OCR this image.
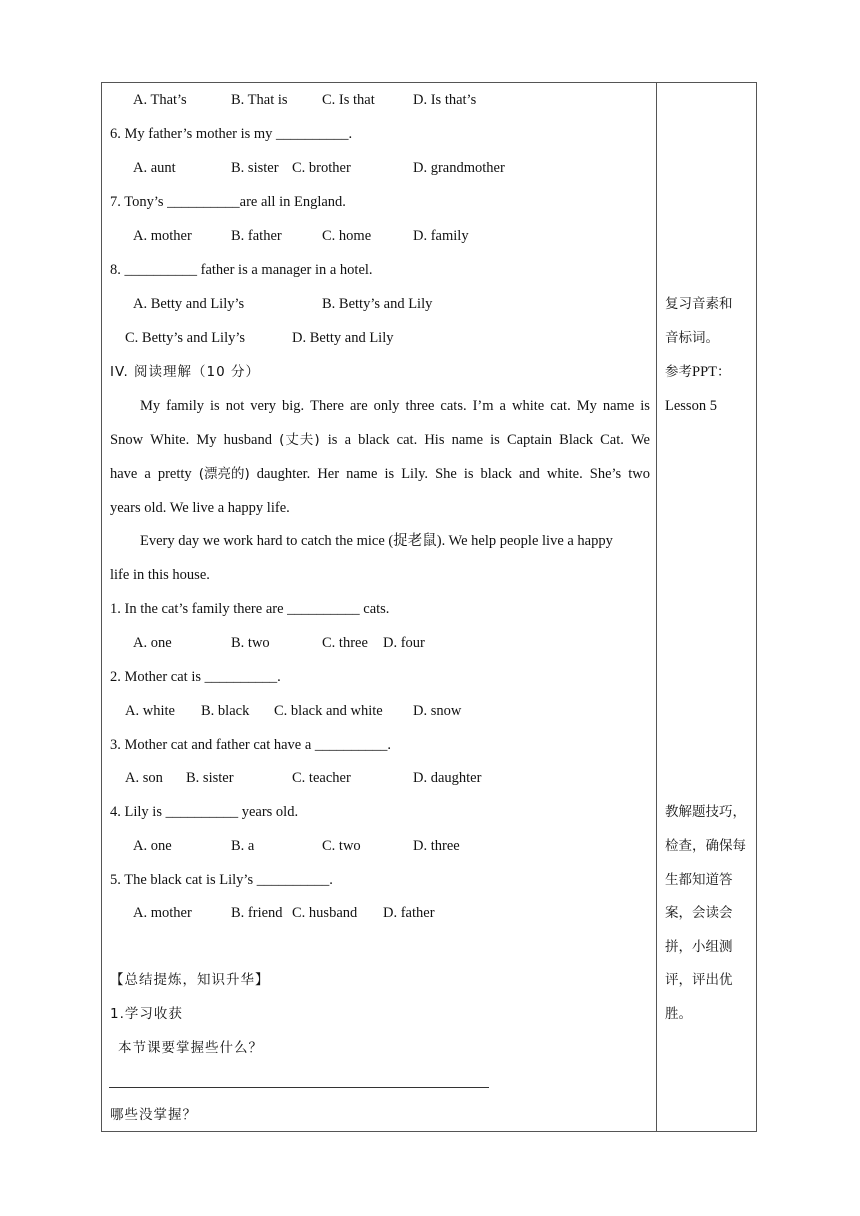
A. That’s	B. That is C. Is that	D. Is that’s
6. My father’s mother is my __________.
A. aunt	B. sister C. brother	D. grandmother
7. Tony’s __________are all in England.
A. mother	B. father	C. home	D. family
8. __________ father is a manager in a hotel.
A. Betty and Lily’s	B. Betty’s and Lily
C. Betty’s and Lily’s	D. Betty and Lily
IV. 阅读理解（10 分）
My family is not very big. There are only three cats. I’m a white cat. My name is
Snow White. My husband (丈夫) is a black cat. His name is Captain Black Cat. We
have a pretty (漂亮的) daughter. Her name is Lily. She is black and white. She’s two
years old. We live a happy life.
Every day we work hard to catch the mice (捉老鼠). We help people live a happy
life in this house.
1. In the cat’s family there are __________ cats.
A. one	B. two	C. three D. four
2. Mother cat is __________.
A. white B. black C. black and white D. snow
3. Mother cat and father cat have a __________.
A. son B. sister	C. teacher	D. daughter
4. Lily is __________ years old.
A. one	B. a	C. two	D. three
5. The black cat is Lily’s __________.
A. mother	B. friend C. husband D. father
【总结提炼，知识升华】
1.学习收获
本节课要掌握些什么？
哪些没掌握？
复习音素和
音标词。
参考PPT：
Lesson 5
教解题技巧，
检查，确保每
生都知道答
案，会读会
拼，小组测
评，评出优
胜。
